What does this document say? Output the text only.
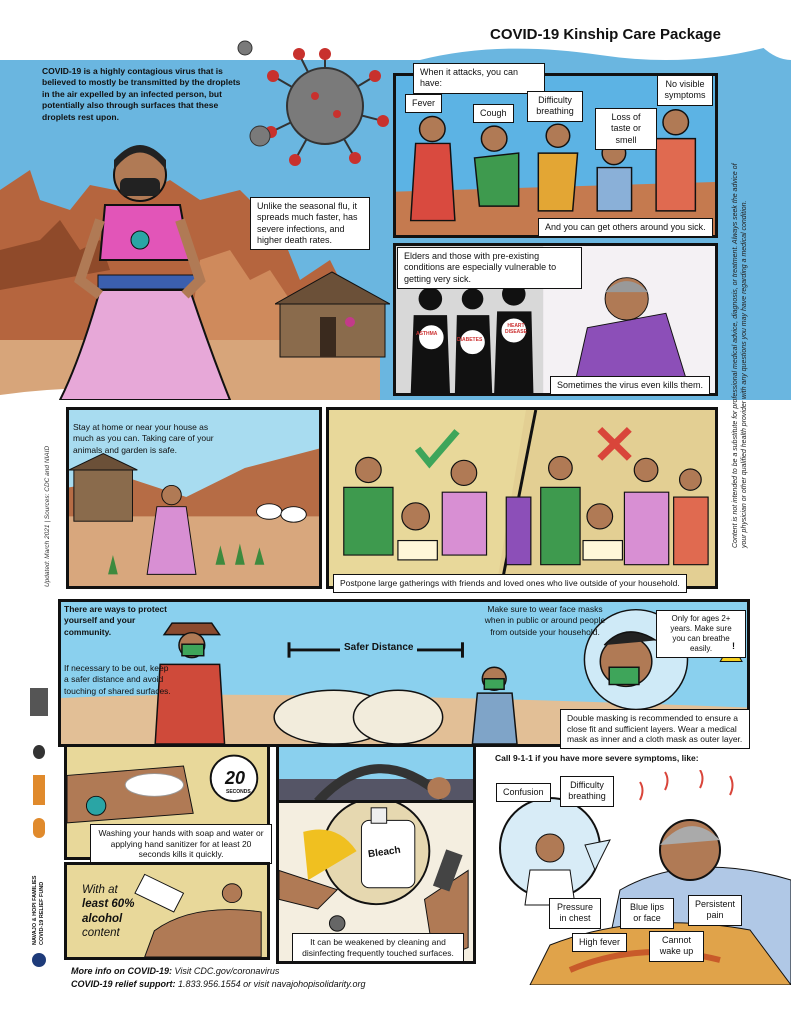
COVID-19 Kinship Care Package
COVID-19 is a highly contagious virus that is believed to mostly be transmitted by the droplets in the air expelled by an infected person, but potentially also through surfaces that these droplets rest upon.
Unlike the seasonal flu, it spreads much faster, has severe infections, and higher death rates.
When it attacks, you can have:
Fever
Cough
Difficulty breathing
Loss of taste or smell
No visible symptoms
And you can get others around you sick.
Elders and those with pre-existing conditions are especially vulnerable to getting very sick.
ASTHMA
DIABETES
HEART DISEASE
Sometimes the virus even kills them.	Content is not intended to be a substitute for professional medical advice, diagnosis, or treatment. Always seek the advice of your physician or other qualified health provider with any questions you may have regarding a medical condition.
Updated: March 2021 | Sources: CDC and NIAID
Stay at home or near your house as much as you can. Taking care of your animals and garden is safe.
Postpone large gatherings with friends and loved ones who live outside of your household.
There are ways to protect yourself and your community.
If necessary to be out, keep a safer distance and avoid touching of shared surfaces.
Safer Distance
Make sure to wear face masks when in public or around people from outside your household.
Only for ages 2+ years. Make sure you can breathe easily.	!
Double masking is recommended to ensure a close fit and sufficient layers. Wear a medical mask as inner and a cloth mask as outer layer.
NAVAJO & HOPI FAMILIES COVID-19 RELIEF FUND
20
SECONDS
Washing your hands with soap and water or applying hand sanitizer for at least 20 seconds kills it quickly.
With at
least 60%
alcohol
content
Bleach
It can be weakened by cleaning and disinfecting frequently touched surfaces.
Call 9-1-1 if you have more severe symptoms, like:
Confusion
Difficulty breathing
Pressure in chest
Blue lips or face
Persistent pain
High fever	Cannot wake up
More info on COVID-19: Visit CDC.gov/coronavirus
COVID-19 relief support: 1.833.956.1554 or visit navajohopisolidarity.org
